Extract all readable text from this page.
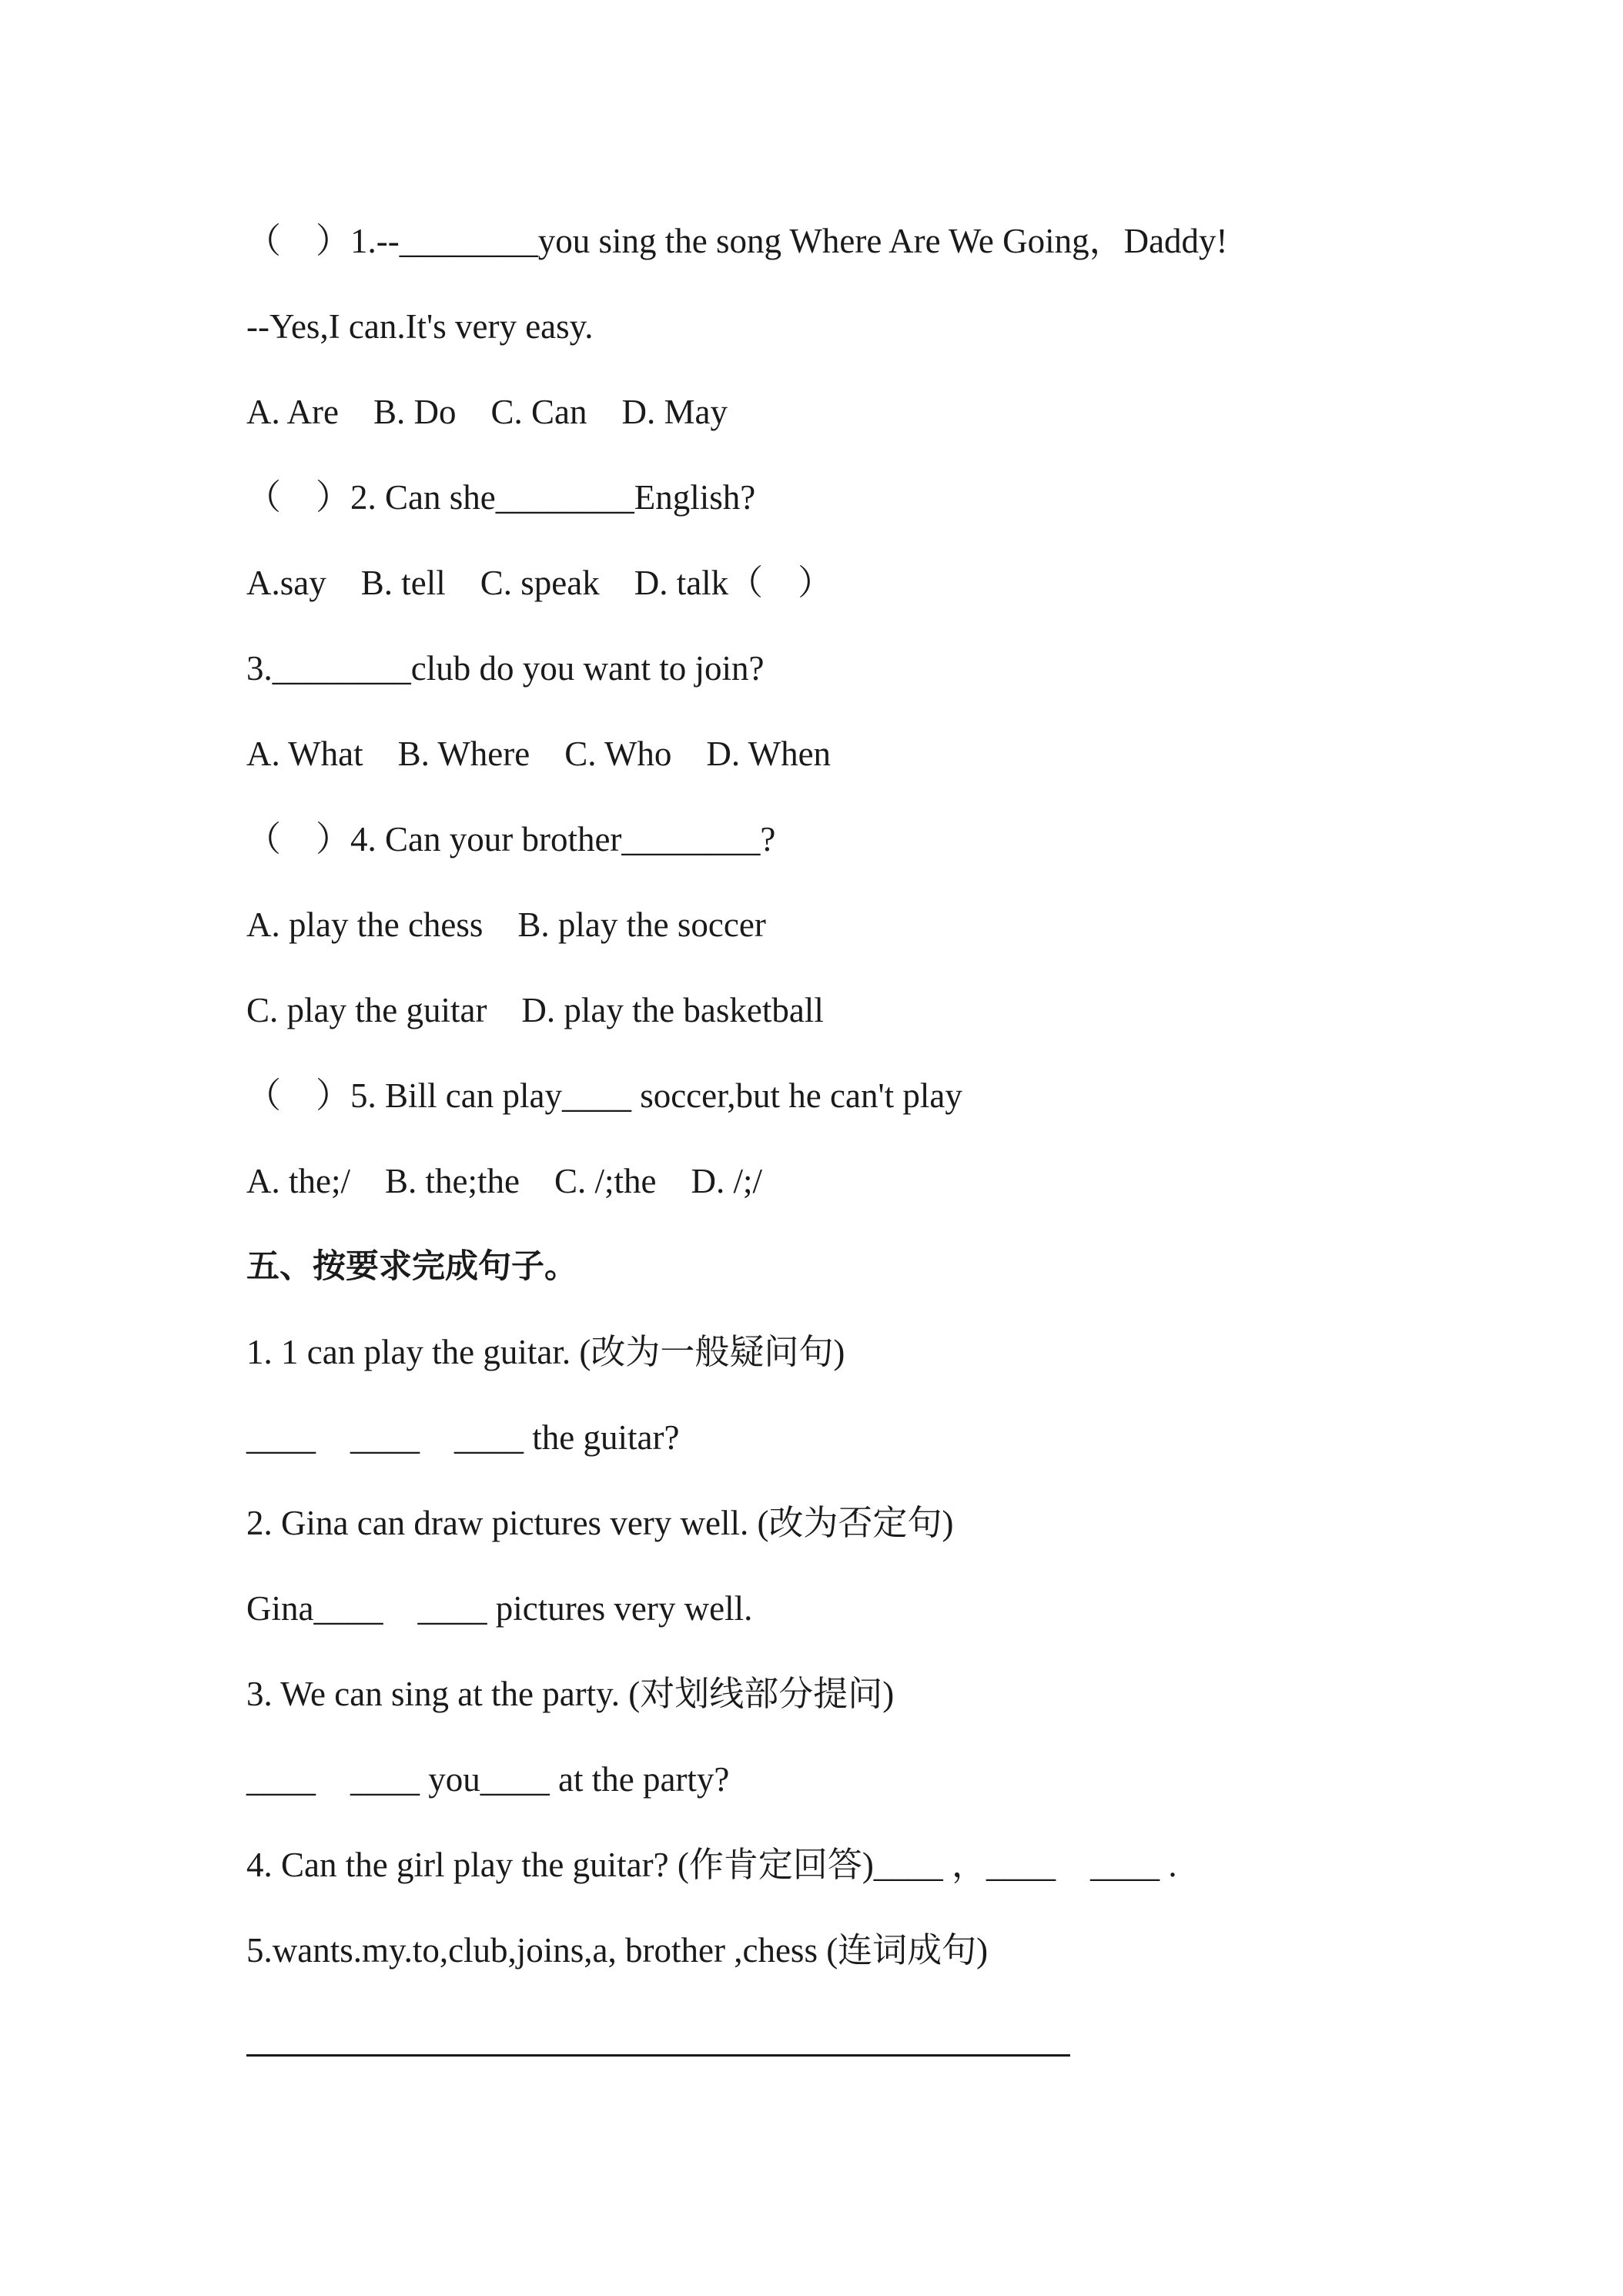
（    ）1.--________you sing the song Where Are We Going，Daddy!
--Yes,I can.It's very easy.
A. Are    B. Do    C. Can    D. May
（    ）2. Can she________English?
A.say    B. tell    C. speak    D. talk（    ）
3.________club do you want to join?
A. What    B. Where    C. Who    D. When
（    ）4. Can your brother________?
A. play the chess    B. play the soccer
C. play the guitar    D. play the basketball
（    ）5. Bill can play____ soccer,but he can't play
A. the;/    B. the;the    C. /;the    D. /;/
五、按要求完成句子。
1. 1 can play the guitar. (改为一般疑问句)
____    ____    ____ the guitar?
2. Gina can draw pictures very well. (改为否定句)
Gina____    ____ pictures very well.
3. We can sing at the party. (对划线部分提问)
____    ____ you____ at the party?
4. Can the girl play the guitar? (作肯定回答)____ ，____    ____ .
5.wants.my.to,club,joins,a, brother ,chess (连词成句)
